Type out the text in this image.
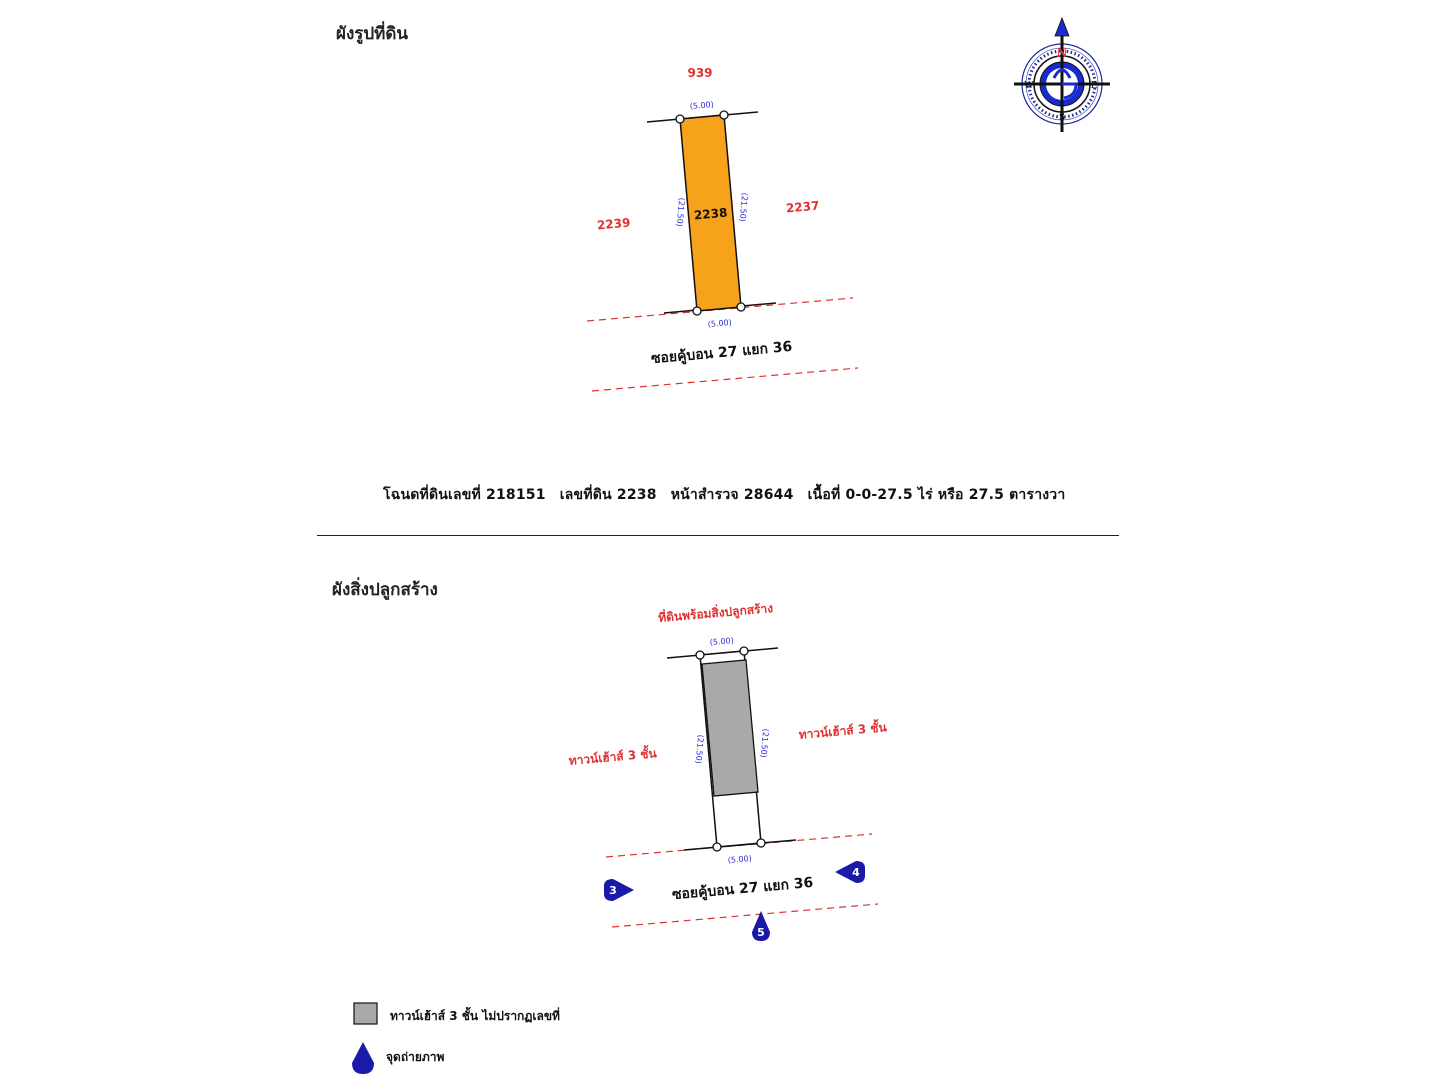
ผังรูปที่ดิน
ผังสิ่งปลูกสร้าง
939
2239
2237
2238
(5.00)
(5.00)
(21.50)	(21.50)
ซอยคู้บอน 27 แยก 36
N
S
E
W
ที่ดินพร้อมสิ่งปลูกสร้าง
ทาวน์เฮ้าส์ 3 ชั้น
ทาวน์เฮ้าส์ 3 ชั้น
(5.00)
(5.00)
(21.50)	(21.50)
ซอยคู้บอน 27 แยก 36
3
4
5
โฉนดที่ดินเลขที่ 218151 เลขที่ดิน 2238 หน้าสำรวจ 28644 เนื้อที่ 0-0-27.5 ไร่ หรือ 27.5 ตารางวา
ทาวน์เฮ้าส์ 3 ชั้น ไม่ปรากฏเลขที่
จุดถ่ายภาพ
